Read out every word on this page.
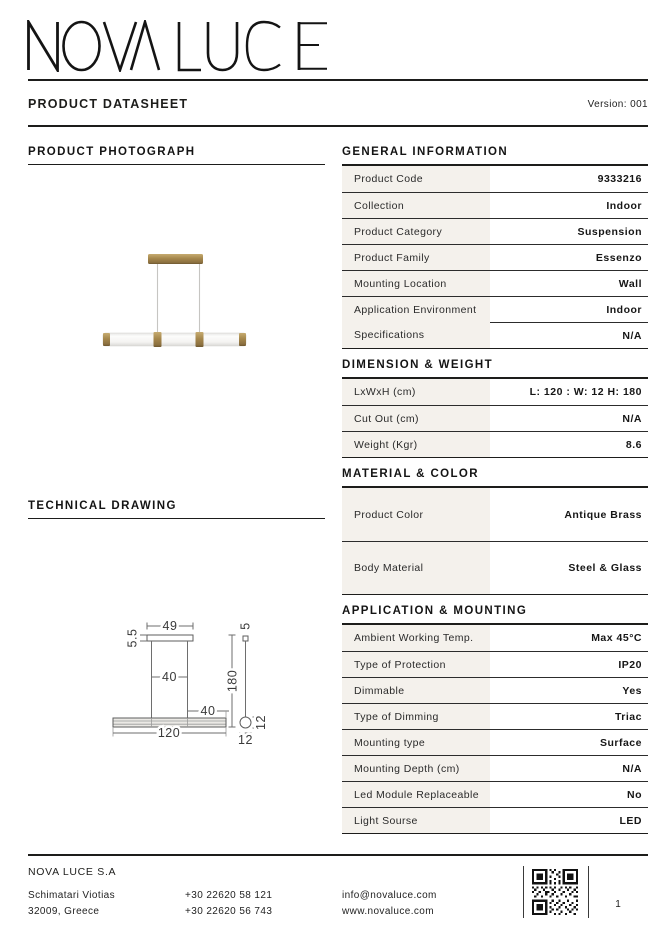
PRODUCT DATASHEET	Version: 001
PRODUCT PHOTOGRAPH
TECHNICAL DRAWING
49
5.5
40
40
120
180
5
12
12
GENERAL INFORMATION
Product Code	9333216
Collection	Indoor
Product Category	Suspension
Product Family	Essenzo
Mounting Location	Wall
Application Environment	Indoor
Specifications	N/A
DIMENSION & WEIGHT
LxWxH (cm)	L: 120 : W: 12 H: 180
Cut Out (cm)	N/A
Weight (Kgr)	8.6
MATERIAL & COLOR
Product Color	Antique Brass
Body Material	Steel & Glass
APPLICATION & MOUNTING
Ambient Working Temp.	Max 45°C
Type of Protection	IP20
Dimmable	Yes
Type of Dimming	Triac
Mounting type	Surface
Mounting Depth (cm)	N/A
Led Module Replaceable	No
Light Sourse	LED
NOVA LUCE S.A
Schimatari Viotias
32009, Greece
+30 22620 58 121
+30 22620 56 743
info@novaluce.com
www.novaluce.com
1
